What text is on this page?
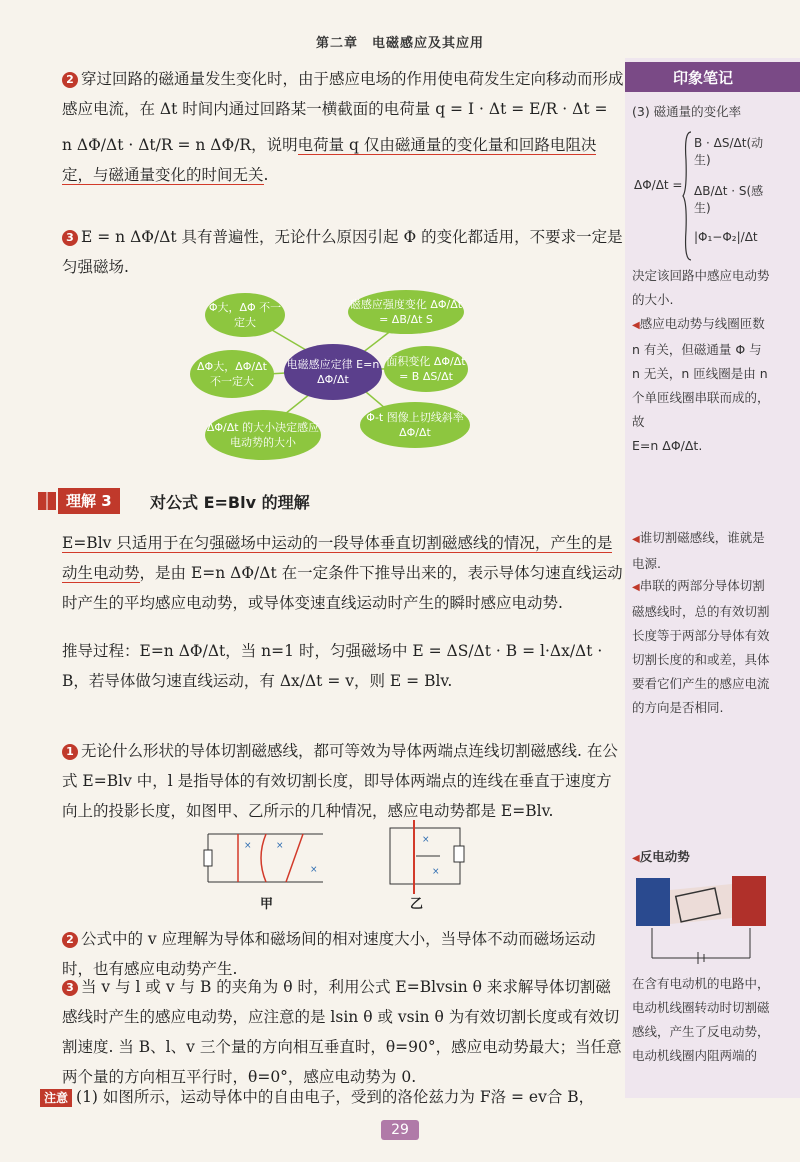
第二章　电磁感应及其应用
印象笔记
(3) 磁通量的变化率
ΔΦ/Δt =
B · ΔS/Δt(动生)
ΔB/Δt · S(感生)
|Φ₁−Φ₂|/Δt
决定该回路中感应电动势的大小.
◀感应电动势与线圈匝数 n 有关，但磁通量 Φ 与 n 无关，n 匝线圈是由 n 个单匝线圈串联而成的，故
E=n ΔΦ/Δt.
◀谁切割磁感线，谁就是电源.
◀串联的两部分导体切割磁感线时，总的有效切割长度等于两部分导体有效切割长度的和或差，具体要看它们产生的感应电流的方向是否相同.
◀反电动势
在含有电动机的电路中，电动机线圈转动时切割磁感线，产生了反电动势，电动机线圈内阻两端的
2 穿过回路的磁通量发生变化时，由于感应电场的作用使电荷发生定向移动而形成感应电流，在 Δt 时间内通过回路某一横截面的电荷量 q = I · Δt = E/R · Δt =
n ΔΦ/Δt · Δt/R = n ΔΦ/R，说明电荷量 q 仅由磁通量的变化量和回路电阻决定，与磁通量变化的时间无关.
3 E = n ΔΦ/Δt 具有普遍性，无论什么原因引起 Φ 的变化都适用，不要求一定是匀强磁场.
Φ大，ΔΦ 不一定大
ΔΦ大，ΔΦ/Δt 不一定大
ΔΦ/Δt 的大小决定感应电动势的大小
电磁感应定律 E=n ΔΦ/Δt
磁感应强度变化 ΔΦ/Δt = ΔB/Δt S
面积变化 ΔΦ/Δt = B ΔS/Δt
Φ-t 图像上切线斜率 ΔΦ/Δt
理解 3	对公式 E=Blv 的理解
E=Blv 只适用于在匀强磁场中运动的一段导体垂直切割磁感线的情况，产生的是动生电动势，是由 E=n ΔΦ/Δt 在一定条件下推导出来的，表示导体匀速直线运动时产生的平均感应电动势，或导体变速直线运动时产生的瞬时感应电动势.
推导过程：E=n ΔΦ/Δt，当 n=1 时，匀强磁场中 E = ΔS/Δt · B = l·Δx/Δt · B，若导体做匀速直线运动，有 Δx/Δt = v，则 E = Blv.
1 无论什么形状的导体切割磁感线，都可等效为导体两端点连线切割磁感线. 在公式 E=Blv 中，l 是指导体的有效切割长度，即导体两端点的连线在垂直于速度方向上的投影长度，如图甲、乙所示的几种情况，感应电动势都是 E=Blv.
×	×
×
甲
×
×
乙
2 公式中的 v 应理解为导体和磁场间的相对速度大小，当导体不动而磁场运动时，也有感应电动势产生.
3 当 v 与 l 或 v 与 B 的夹角为 θ 时，利用公式 E=Blvsin θ 来求解导体切割磁感线时产生的感应电动势，应注意的是 lsin θ 或 vsin θ 为有效切割长度或有效切割速度. 当 B、l、v 三个量的方向相互垂直时，θ=90°，感应电动势最大；当任意两个量的方向相互平行时，θ=0°，感应电动势为 0.
注意 (1) 如图所示，运动导体中的自由电子，受到的洛伦兹力为 F洛 = ev合 B，
29
